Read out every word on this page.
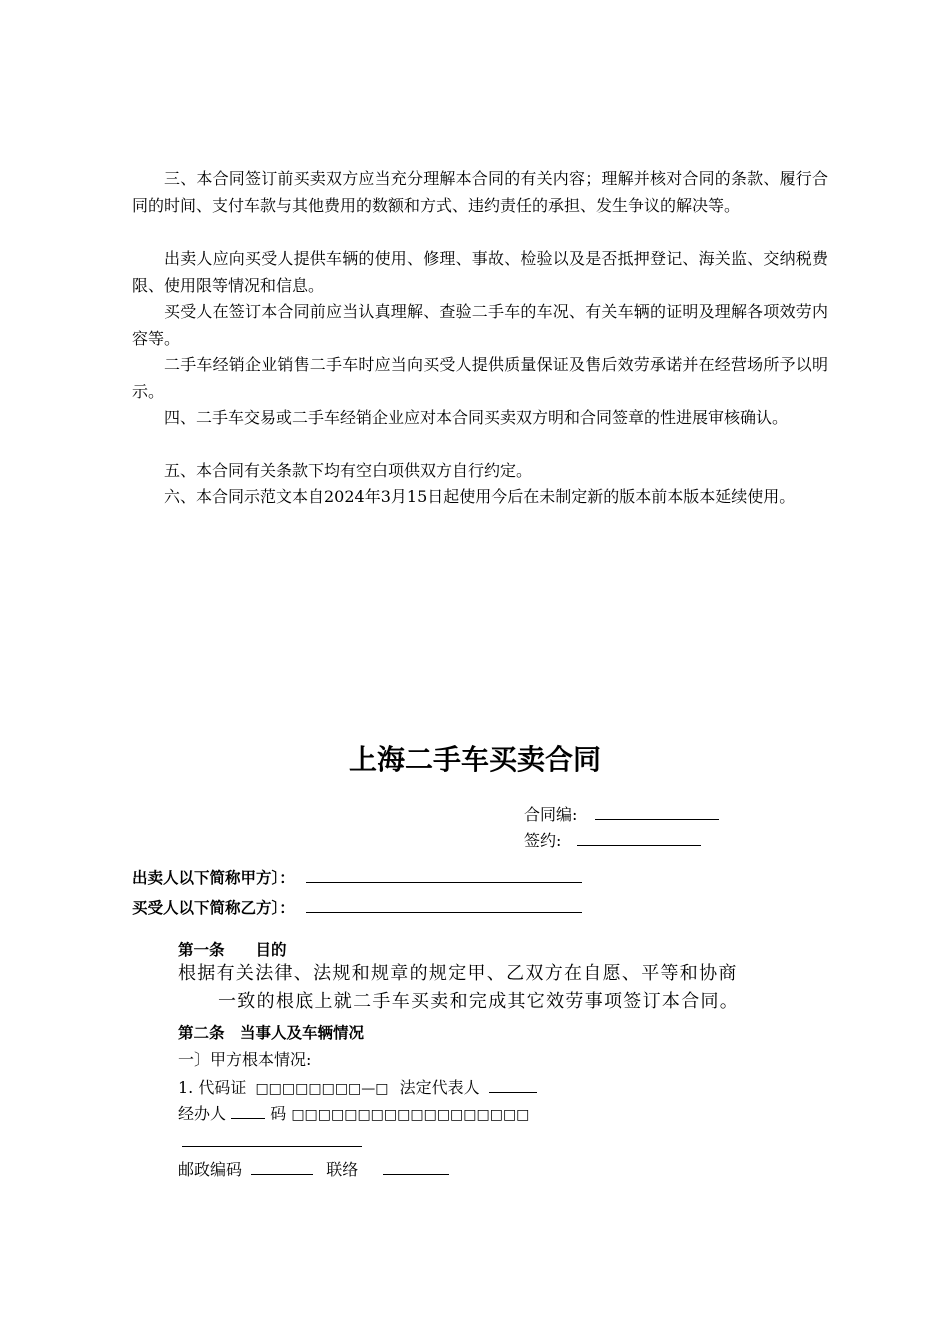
三、本合同签订前买卖双方应当充分理解本合同的有关内容；理解并核对合同的条款、履行合同的时间、支付车款与其他费用的数额和方式、违约责任的承担、发生争议的解决等。

出卖人应向买受人提供车辆的使用、修理、事故、检验以及是否抵押登记、海关监、交纳税费限、使用限等情况和信息。

买受人在签订本合同前应当认真理解、查验二手车的车况、有关车辆的证明及理解各项效劳内容等。

二手车经销企业销售二手车时应当向买受人提供质量保证及售后效劳承诺并在经营场所予以明示。

四、二手车交易或二手车经销企业应对本合同买卖双方明和合同签章的性进展审核确认。

五、本合同有关条款下均有空白项供双方自行约定。

六、本合同示范文本自2024年3月15日起使用今后在未制定新的版本前本版本延续使用。

上海二手车买卖合同
合同编:
签约:
出卖人以下简称甲方〕：
买受人以下简称乙方〕：
第一条　　目的
根据有关法律、法规和规章的规定甲、乙双方在自愿、平等和协商
一致的根底上就二手车买卖和完成其它效劳事项签订本合同。
第二条　当事人及车辆情况
一〕甲方根本情况:
1. 代码证 □□□□□□□□—□ 法定代表人
经办人	码 □□□□□□□□□□□□□□□□□□
邮政编码	联络
